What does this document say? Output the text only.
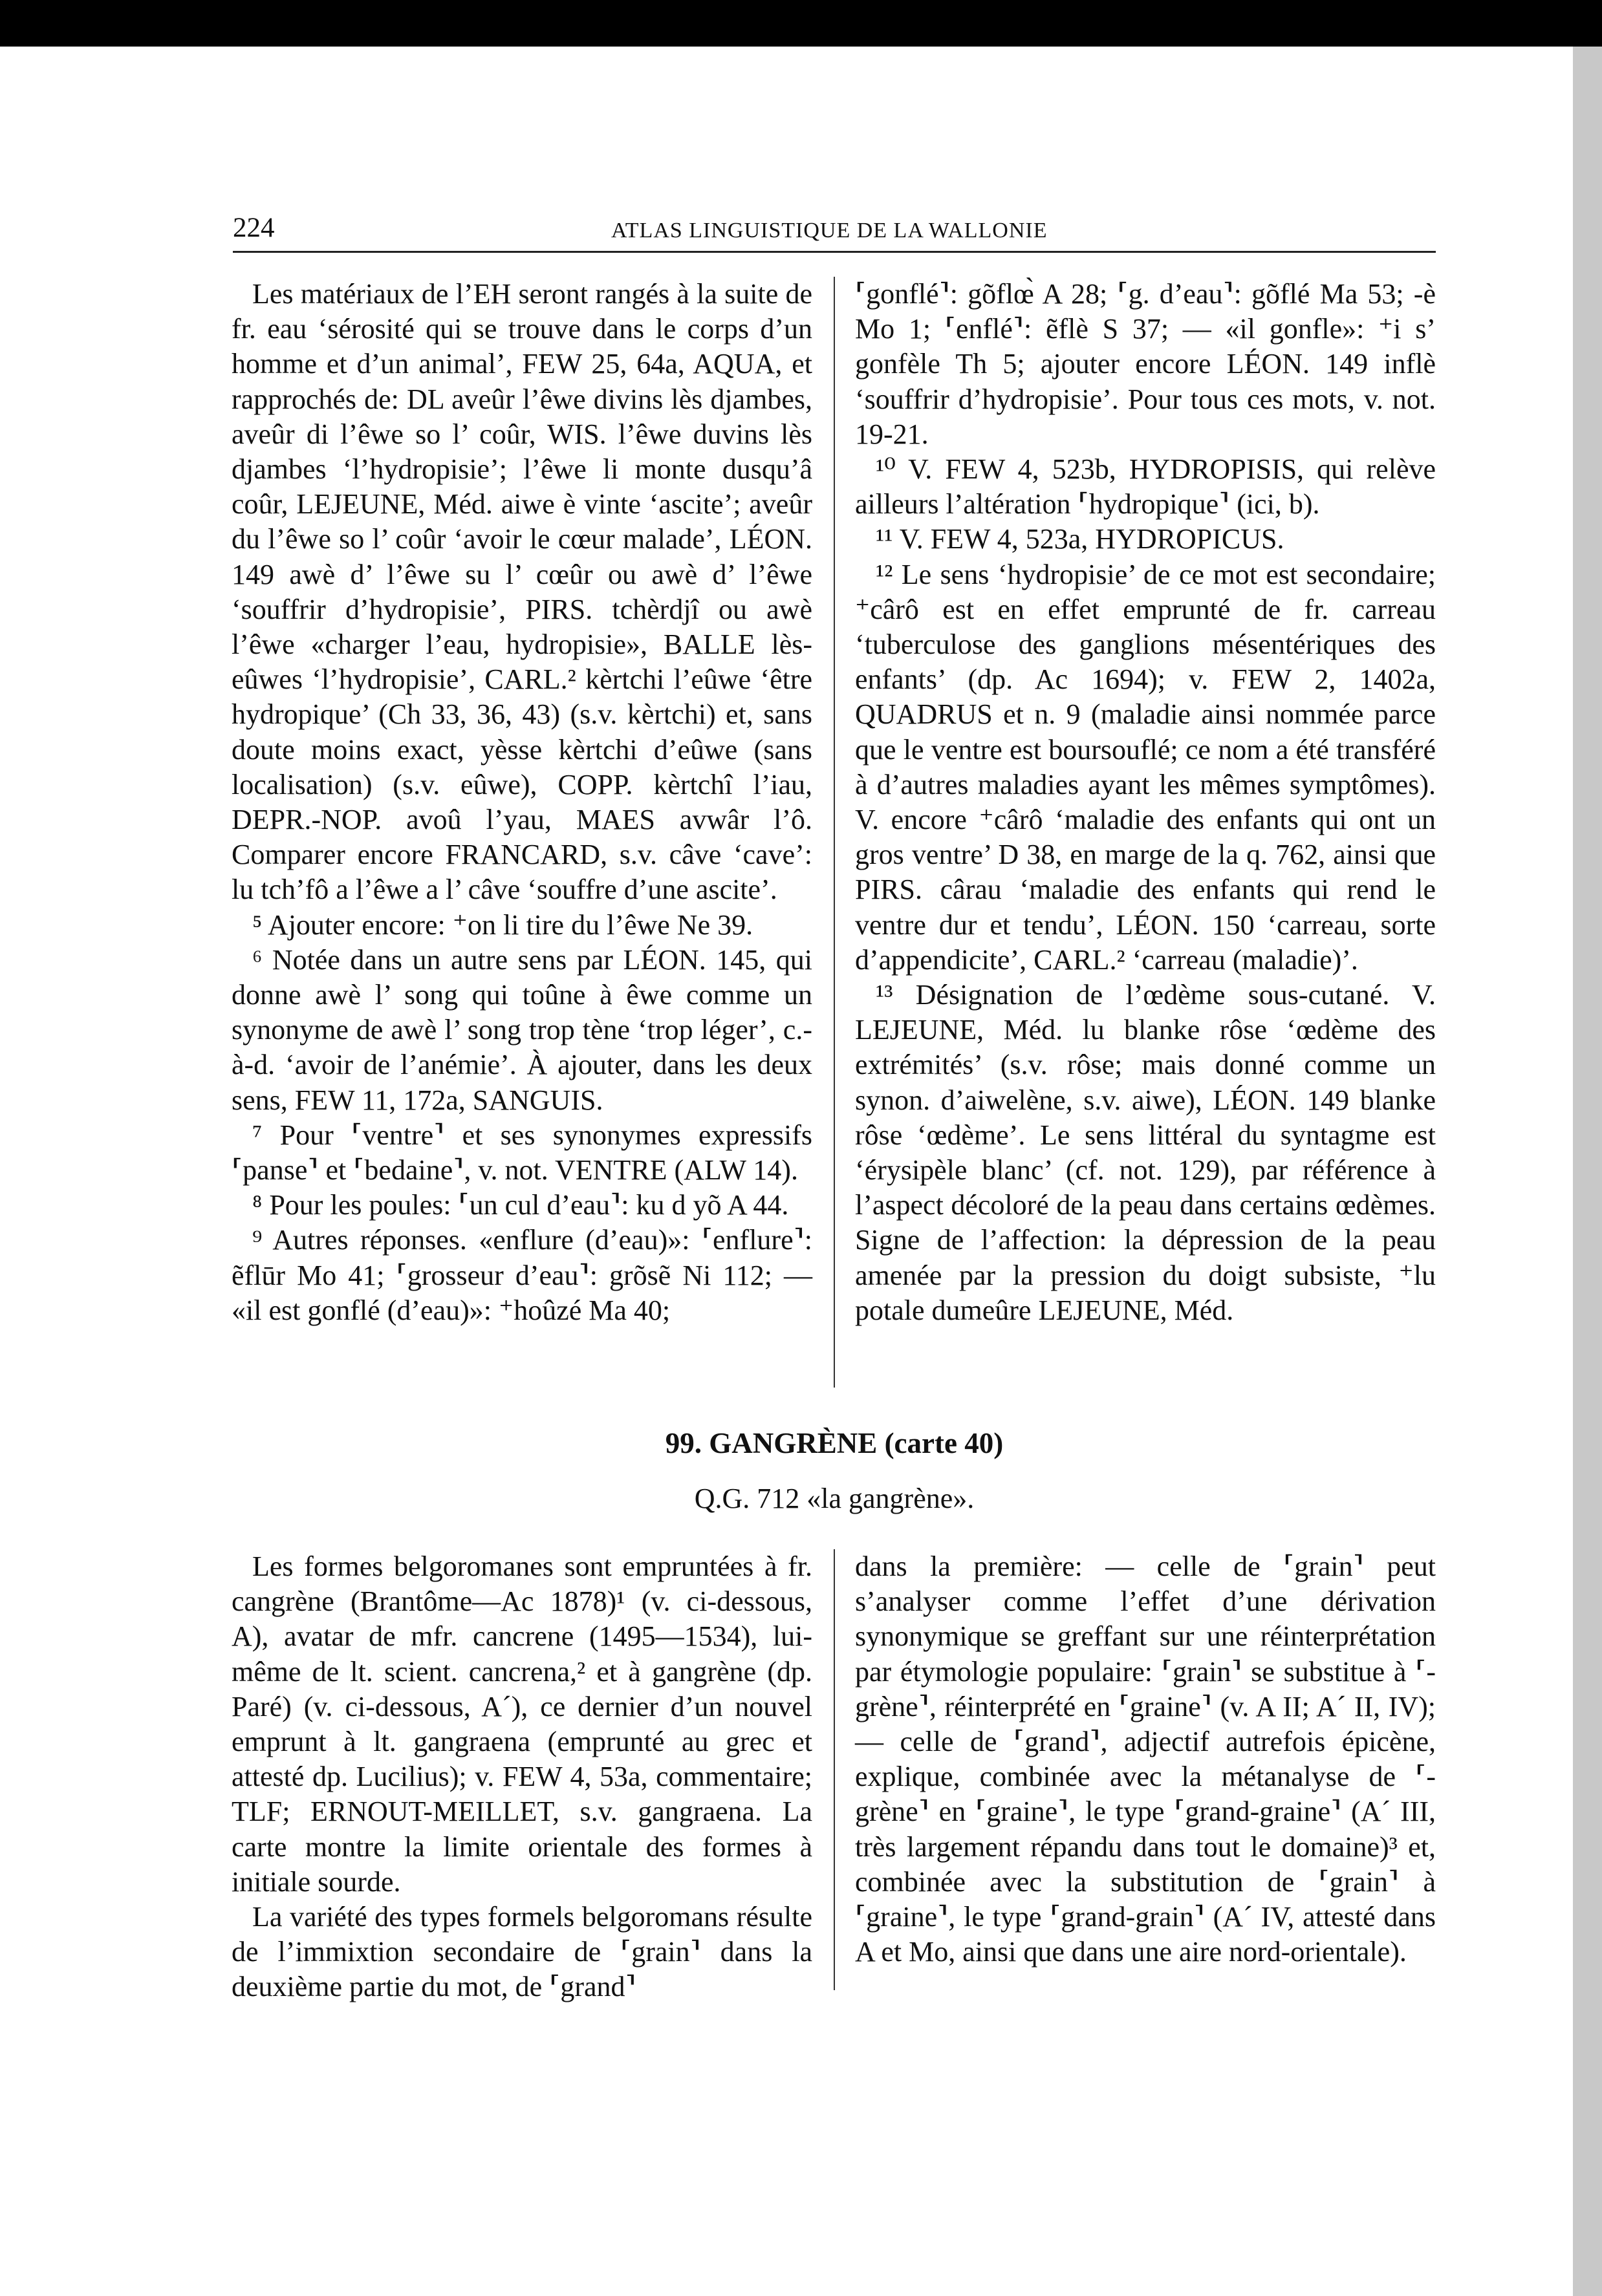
224	ATLAS LINGUISTIQUE DE LA WALLONIE

Les matériaux de l’EH seront rangés à la suite de fr. eau ‘sérosité qui se trouve dans le corps d’un homme et d’un animal’, FEW 25, 64a, AQUA, et rapprochés de: DL aveûr l’êwe divins lès djambes, aveûr di l’êwe so l’ coûr, WIS. l’êwe duvins lès djambes ‘l’hydropisie’; l’êwe li monte dusqu’â coûr, LEJEUNE, Méd. aiwe è vinte ‘ascite’; aveûr du l’êwe so l’ coûr ‘avoir le cœur malade’, LÉON. 149 awè d’ l’êwe su l’ cœûr ou awè d’ l’êwe ‘souffrir d’hydropisie’, PIRS. tchèrdjî ou awè l’êwe «charger l’eau, hydropisie», BALLE lès-eûwes ‘l’hydropisie’, CARL.² kèrtchi l’eûwe ‘être hydropique’ (Ch 33, 36, 43) (s.v. kèrtchi) et, sans doute moins exact, yèsse kèrtchi d’eûwe (sans localisation) (s.v. eûwe), COPP. kèrtchî l’iau, DEPR.-NOP. avoû l’yau, MAES avwâr l’ô. Comparer encore FRANCARD, s.v. câve ‘cave’: lu tch’fô a l’êwe a l’ câve ‘souffre d’une ascite’.

⁵ Ajouter encore: ⁺on li tire du l’êwe Ne 39.

⁶ Notée dans un autre sens par LÉON. 145, qui donne awè l’ song qui toûne à êwe comme un synonyme de awè l’ song trop tène ‘trop léger’, c.-à-d. ‘avoir de l’anémie’. À ajouter, dans les deux sens, FEW 11, 172a, SANGUIS.

⁷ Pour ⸢ventre⸣ et ses synonymes expressifs ⸢panse⸣ et ⸢bedaine⸣, v. not. VENTRE (ALW 14).

⁸ Pour les poules: ⸢un cul d’eau⸣: ku d yõ A 44.

⁹ Autres réponses. «enflure (d’eau)»: ⸢enflure⸣: ẽflūr Mo 41; ⸢grosseur d’eau⸣: grõsẽ Ni 112; — «il est gonflé (d’eau)»: ⁺hoûzé Ma 40;

⸢gonflé⸣: gõflœ̀ A 28; ⸢g. d’eau⸣: gõflé Ma 53; -è Mo 1; ⸢enflé⸣: ẽflè S 37; — «il gonfle»: ⁺i s’ gonfèle Th 5; ajouter encore LÉON. 149 inflè ‘souffrir d’hydropisie’. Pour tous ces mots, v. not. 19-21.

¹⁰ V. FEW 4, 523b, HYDROPISIS, qui relève ailleurs l’altération ⸢hydropique⸣ (ici, b).

¹¹ V. FEW 4, 523a, HYDROPICUS.

¹² Le sens ‘hydropisie’ de ce mot est secondaire; ⁺cârô est en effet emprunté de fr. carreau ‘tuberculose des ganglions mésentériques des enfants’ (dp. Ac 1694); v. FEW 2, 1402a, QUADRUS et n. 9 (maladie ainsi nommée parce que le ventre est boursouflé; ce nom a été transféré à d’autres maladies ayant les mêmes symptômes). V. encore ⁺cârô ‘maladie des enfants qui ont un gros ventre’ D 38, en marge de la q. 762, ainsi que PIRS. cârau ‘maladie des enfants qui rend le ventre dur et tendu’, LÉON. 150 ‘carreau, sorte d’appendicite’, CARL.² ‘carreau (maladie)’.

¹³ Désignation de l’œdème sous-cutané. V. LEJEUNE, Méd. lu blanke rôse ‘œdème des extrémités’ (s.v. rôse; mais donné comme un synon. d’aiwelène, s.v. aiwe), LÉON. 149 blanke rôse ‘œdème’. Le sens littéral du syntagme est ‘érysipèle blanc’ (cf. not. 129), par référence à l’aspect décoloré de la peau dans certains œdèmes. Signe de l’affection: la dépression de la peau amenée par la pression du doigt subsiste, ⁺lu potale dumeûre LEJEUNE, Méd.

99. GANGRÈNE (carte 40)
Q.G. 712 «la gangrène».

Les formes belgoromanes sont empruntées à fr. cangrène (Brantôme—Ac 1878)¹ (v. ci-dessous, A), avatar de mfr. cancrene (1495—1534), lui-même de lt. scient. cancrena,² et à gangrène (dp. Paré) (v. ci-dessous, A´), ce dernier d’un nouvel emprunt à lt. gangraena (emprunté au grec et attesté dp. Lucilius); v. FEW 4, 53a, commentaire; TLF; ERNOUT-MEILLET, s.v. gangraena. La carte montre la limite orientale des formes à initiale sourde.

La variété des types formels belgoromans résulte de l’immixtion secondaire de ⸢grain⸣ dans la deuxième partie du mot, de ⸢grand⸣

dans la première: — celle de ⸢grain⸣ peut s’analyser comme l’effet d’une dérivation synonymique se greffant sur une réinterprétation par étymologie populaire: ⸢grain⸣ se substitue à ⸢-grène⸣, réinterprété en ⸢graine⸣ (v. A II; A´ II, IV); — celle de ⸢grand⸣, adjectif autrefois épicène, explique, combinée avec la métanalyse de ⸢-grène⸣ en ⸢graine⸣, le type ⸢grand-graine⸣ (A´ III, très largement répandu dans tout le domaine)³ et, combinée avec la substitution de ⸢grain⸣ à ⸢graine⸣, le type ⸢grand-grain⸣ (A´ IV, attesté dans A et Mo, ainsi que dans une aire nord-orientale).
